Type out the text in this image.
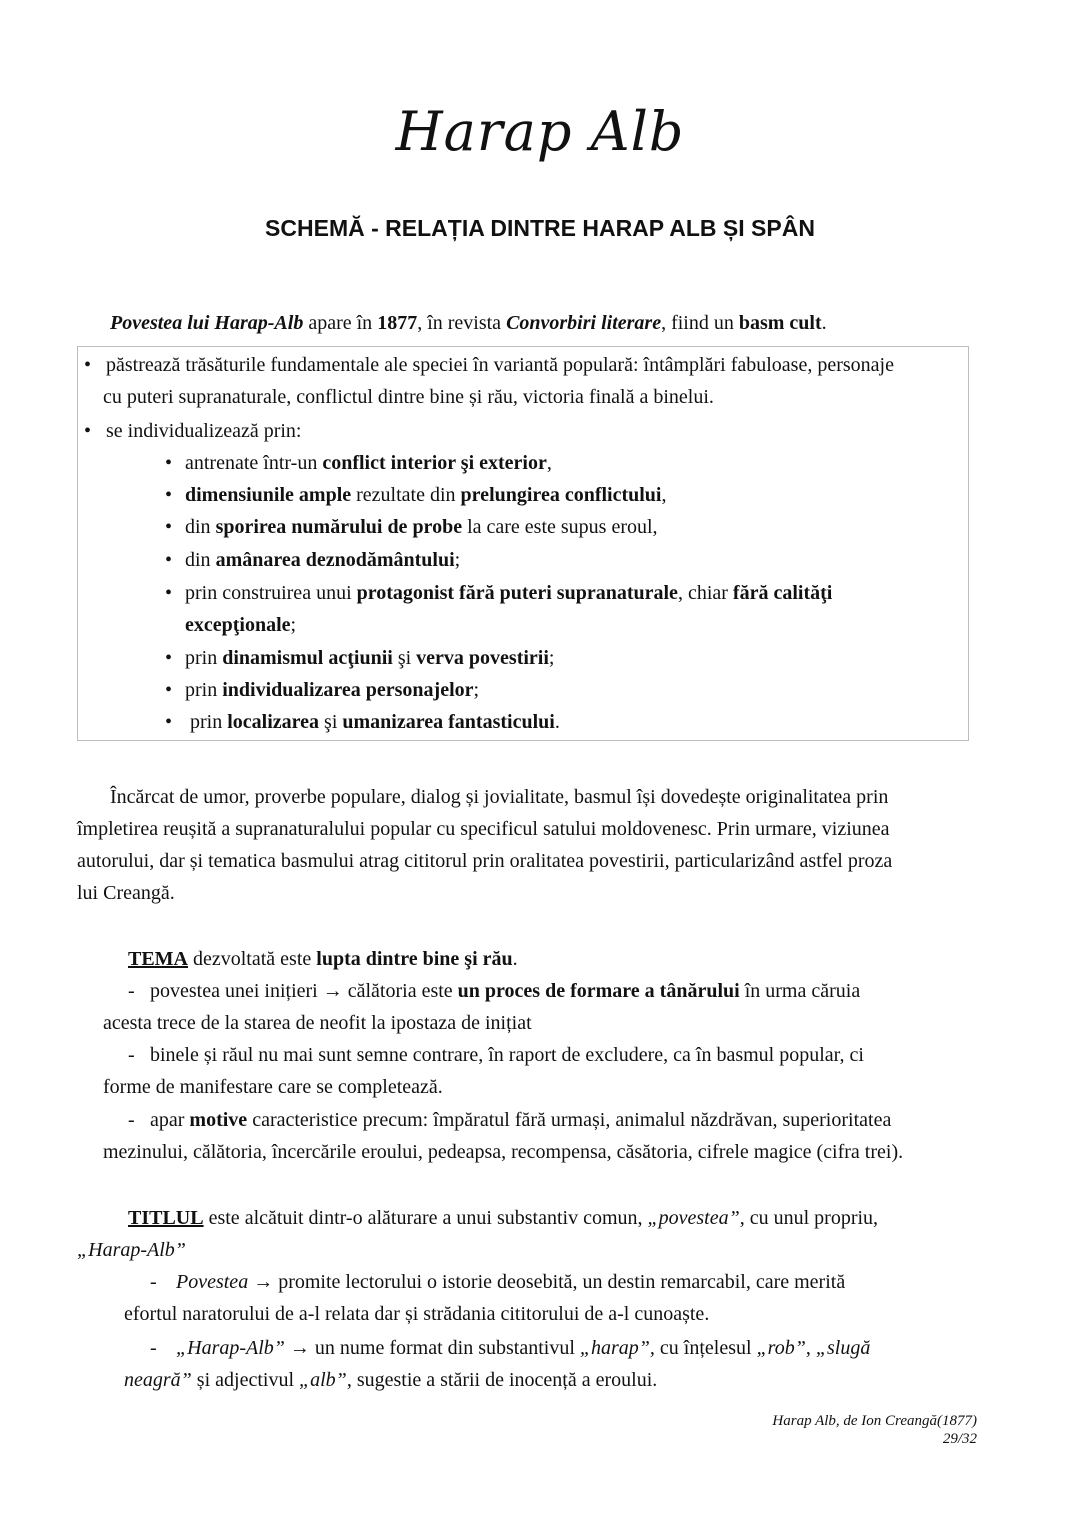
Harap Alb
SCHEMĂ - RELAȚIA DINTRE HARAP ALB ȘI SPÂN
Povestea lui Harap-Alb apare în 1877, în revista Convorbiri literare, fiind un basm cult.
• păstrează trăsăturile fundamentale ale speciei în variantă populară: întâmplări fabuloase, personaje
cu puteri supranaturale, conflictul dintre bine și rău, victoria finală a binelui.
• se individualizează prin:
• antrenate într-un conflict interior şi exterior,
• dimensiunile ample rezultate din prelungirea conflictului,
• din sporirea numărului de probe la care este supus eroul,
• din amânarea deznodământului;
• prin construirea unui protagonist fără puteri supranaturale, chiar fără calităţi
excepţionale;
• prin dinamismul acţiunii şi verva povestirii;
• prin individualizarea personajelor;
• prin localizarea şi umanizarea fantasticului.
Încărcat de umor, proverbe populare, dialog și jovialitate, basmul își dovedește originalitatea prin
împletirea reușită a supranaturalului popular cu specificul satului moldovenesc. Prin urmare, viziunea
autorului, dar și tematica basmului atrag cititorul prin oralitatea povestirii, particularizând astfel proza
lui Creangă.
TEMA dezvoltată este lupta dintre bine şi rău.
- povestea unei inițieri → călătoria este un proces de formare a tânărului în urma căruia
acesta trece de la starea de neofit la ipostaza de inițiat
- binele și răul nu mai sunt semne contrare, în raport de excludere, ca în basmul popular, ci
forme de manifestare care se completează.
- apar motive caracteristice precum: împăratul fără urmași, animalul năzdrăvan, superioritatea
mezinului, călătoria, încercările eroului, pedeapsa, recompensa, căsătoria, cifrele magice (cifra trei).
TITLUL este alcătuit dintr-o alăturare a unui substantiv comun, „povestea”, cu unul propriu,
„Harap-Alb”
- Povestea → promite lectorului o istorie deosebită, un destin remarcabil, care merită
efortul naratorului de a-l relata dar și strădania cititorului de a-l cunoaște.
- „Harap-Alb” → un nume format din substantivul „harap”, cu înțelesul „rob”, „slugă
neagră” și adjectivul „alb”, sugestie a stării de inocență a eroului.
Harap Alb, de Ion Creangă(1877)
29/32
